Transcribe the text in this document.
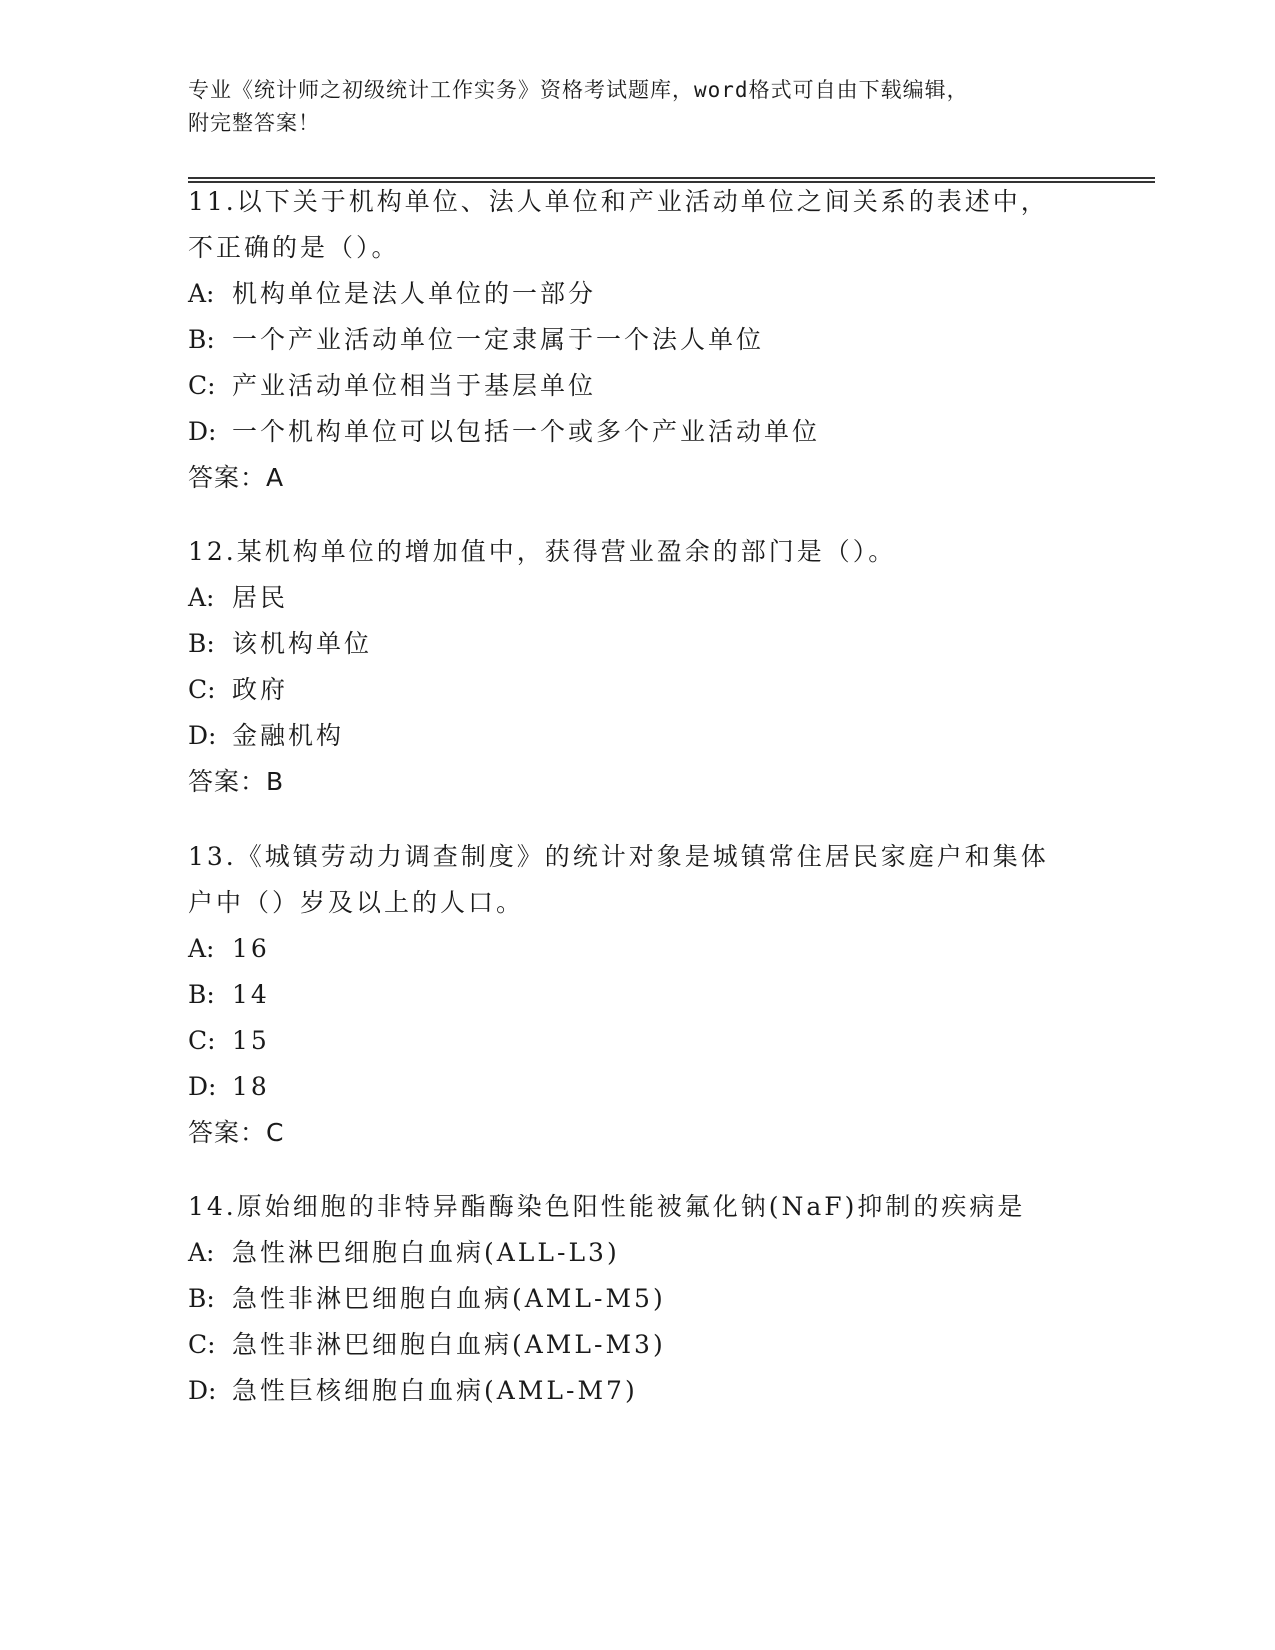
专业《统计师之初级统计工作实务》资格考试题库，word格式可自由下载编辑，
附完整答案！
11.以下关于机构单位、法人单位和产业活动单位之间关系的表述中，
不正确的是（）。
A: 机构单位是法人单位的一部分
B: 一个产业活动单位一定隶属于一个法人单位
C: 产业活动单位相当于基层单位
D: 一个机构单位可以包括一个或多个产业活动单位
答案：A
12.某机构单位的增加值中，获得营业盈余的部门是（）。
A: 居民
B: 该机构单位
C: 政府
D: 金融机构
答案：B
13.《城镇劳动力调查制度》的统计对象是城镇常住居民家庭户和集体
户中（）岁及以上的人口。
A: 16
B: 14
C: 15
D: 18
答案：C
14.原始细胞的非特异酯酶染色阳性能被氟化钠(NaF)抑制的疾病是
A: 急性淋巴细胞白血病(ALL-L3)
B: 急性非淋巴细胞白血病(AML-M5)
C: 急性非淋巴细胞白血病(AML-M3)
D: 急性巨核细胞白血病(AML-M7)
